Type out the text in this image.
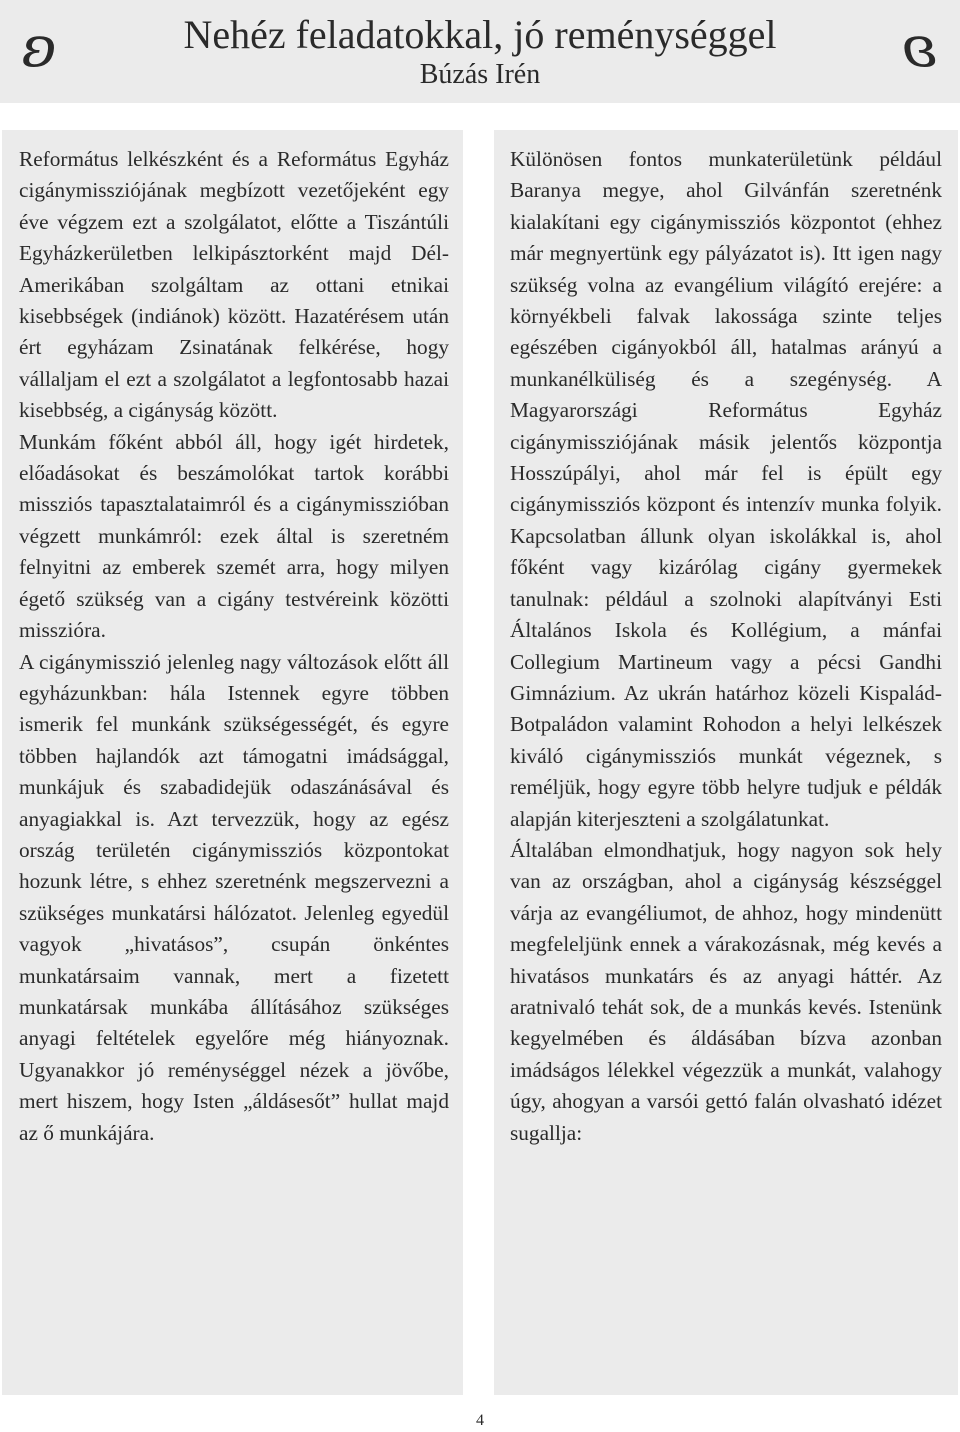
ʚ	Nehéz feladatokkal, jó reménységgel
Búzás Irén	ʚ

Református lelkészként és a Református Egyház cigánymissziójának megbízott vezetőjeként egy éve végzem ezt a szolgálatot, előtte a Tiszántúli Egyházkerületben lelkipásztorként majd Dél-Amerikában szolgáltam az ottani etnikai kisebbségek (indiánok) között. Hazatérésem után ért egyházam Zsinatának felkérése, hogy vállaljam el ezt a szolgálatot a legfontosabb hazai kisebbség, a cigányság között.

Munkám főként abból áll, hogy igét hirdetek, előadásokat és beszámolókat tartok korábbi missziós tapasztalataimról és a cigánymisszióban végzett munkámról: ezek által is szeretném felnyitni az emberek szemét arra, hogy milyen égető szükség van a cigány testvéreink közötti misszióra.

A cigánymisszió jelenleg nagy változások előtt áll egyházunkban: hála Istennek egyre többen ismerik fel munkánk szükségességét, és egyre többen hajlandók azt támogatni imádsággal, munkájuk és szabadidejük odaszánásával és anyagiakkal is. Azt tervezzük, hogy az egész ország területén cigánymissziós központokat hozunk létre, s ehhez szeretnénk megszervezni a szükséges munkatársi hálózatot. Jelenleg egyedül vagyok „hivatásos”, csupán önkéntes munkatársaim vannak, mert a fizetett munkatársak munkába állításához szükséges anyagi feltételek egyelőre még hiányoznak. Ugyanakkor jó reménységgel nézek a jövőbe, mert hiszem, hogy Isten „áldásesőt” hullat majd az ő munkájára.

Különösen fontos munkaterületünk például Baranya megye, ahol Gilvánfán szeretnénk kialakítani egy cigánymissziós központot (ehhez már megnyertünk egy pályázatot is). Itt igen nagy szükség volna az evangélium világító erejére: a környékbeli falvak lakossága szinte teljes egészében cigányokból áll, hatalmas arányú a munkanélküliség és a szegénység. A Magyarországi Református Egyház cigánymissziójának másik jelentős központja Hosszúpályi, ahol már fel is épült egy cigánymissziós központ és intenzív munka folyik. Kapcsolatban állunk olyan iskolákkal is, ahol főként vagy kizárólag cigány gyermekek tanulnak: például a szolnoki alapítványi Esti Általános Iskola és Kollégium, a mánfai Collegium Martineum vagy a pécsi Gandhi Gimnázium. Az ukrán határhoz közeli Kispalád-Botpaládon valamint Rohodon a helyi lelkészek kiváló cigánymissziós munkát végeznek, s reméljük, hogy egyre több helyre tudjuk e példák alapján kiterjeszteni a szolgálatunkat.

Általában elmondhatjuk, hogy nagyon sok hely van az országban, ahol a cigányság készséggel várja az evangéliumot, de ahhoz, hogy mindenütt megfeleljünk ennek a várakozásnak, még kevés a hivatásos munkatárs és az anyagi háttér. Az aratnivaló tehát sok, de a munkás kevés. Istenünk kegyelmében és áldásában bízva azonban imádságos lélekkel végezzük a munkát, valahogy úgy, ahogyan a varsói gettó falán olvasható idézet sugallja:

4
